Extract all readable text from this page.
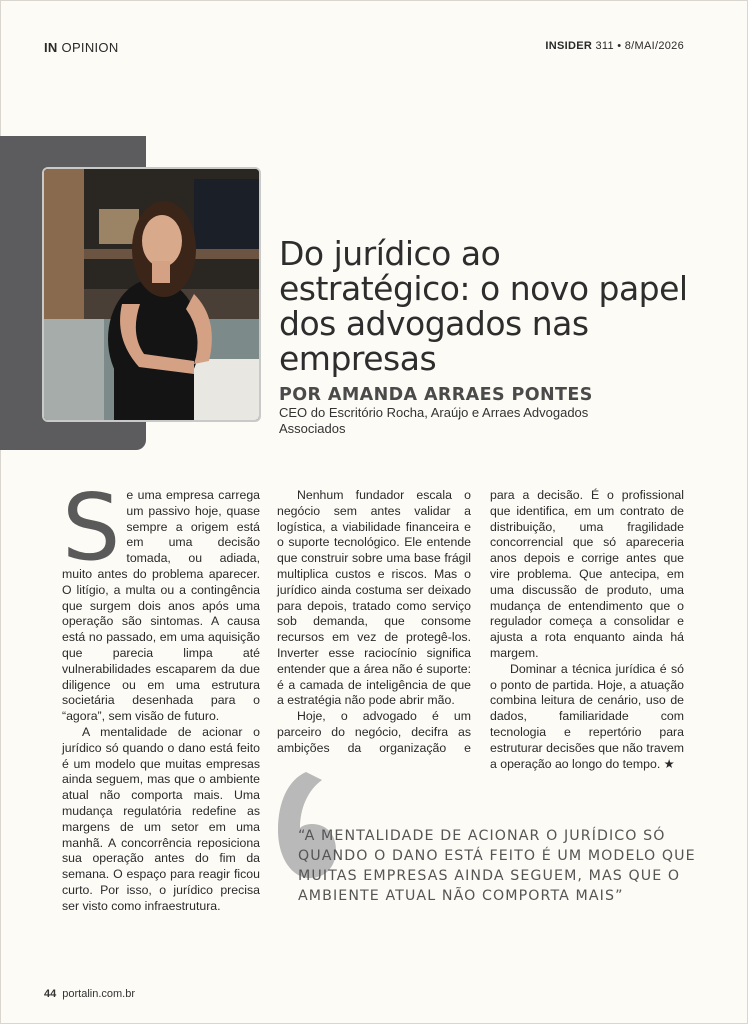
IN OPINION	INSIDER 311 • 8/MAI/2026
Do jurídico ao estratégico: o novo papel dos advogados nas empresas
POR AMANDA ARRAES PONTES
CEO do Escritório Rocha, Araújo e Arraes Advogados Associados
S e uma empresa carrega um passivo hoje, quase sempre a origem está em uma decisão tomada, ou adiada, muito antes do problema aparecer. O litígio, a multa ou a contingência que surgem dois anos após uma operação são sintomas. A causa está no passado, em uma aquisição que parecia limpa até vulnerabilidades escaparem da due diligence ou em uma estrutura societária desenhada para o “agora”, sem visão de futuro.

A mentalidade de acionar o jurídico só quando o dano está feito é um modelo que muitas empresas ainda seguem, mas que o ambiente atual não comporta mais. Uma mudança regulatória redefine as margens de um setor em uma manhã. A concorrência reposiciona sua operação antes do fim da semana. O espaço para reagir ficou curto. Por isso, o jurídico precisa ser visto como infraestrutura.

Nenhum fundador escala o negócio sem antes validar a logística, a viabilidade financeira e o suporte tecnológico. Ele entende que construir sobre uma base frágil multiplica custos e riscos. Mas o jurídico ainda costuma ser deixado para depois, tratado como serviço sob demanda, que consome recursos em vez de protegê-los. Inverter esse raciocínio significa entender que a área não é suporte: é a camada de inteligência de que a estratégia não pode abrir mão.

Hoje, o advogado é um parceiro do negócio, decifra as ambições da organização e

para a decisão. É o profissional que identifica, em um contrato de distribuição, uma fragilidade concorrencial que só apareceria anos depois e corrige antes que vire problema. Que antecipa, em uma discussão de produto, uma mudança de entendimento que o regulador começa a consolidar e ajusta a rota enquanto ainda há margem.

Dominar a técnica jurídica é só o ponto de partida. Hoje, a atuação combina leitura de cenário, uso de dados, familiaridade com tecnologia e repertório para estruturar decisões que não travem a operação ao longo do tempo. ★

“A MENTALIDADE DE ACIONAR O JURÍDICO SÓ QUANDO O DANO ESTÁ FEITO É UM MODELO QUE MUITAS EMPRESAS AINDA SEGUEM, MAS QUE O AMBIENTE ATUAL NÃO COMPORTA MAIS”
44 portalin.com.br
